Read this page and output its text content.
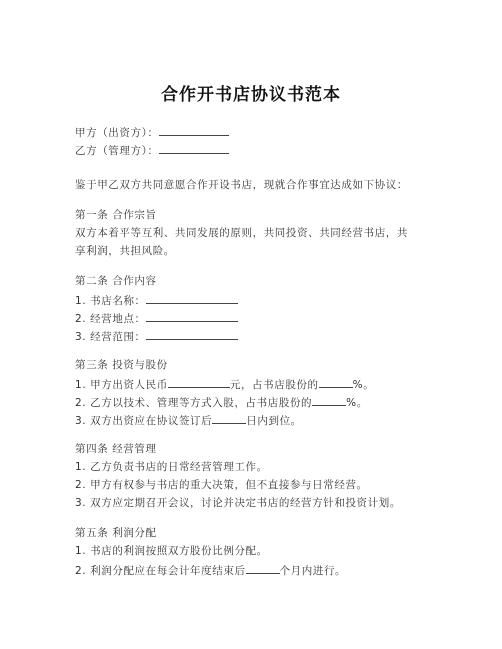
合作开书店协议书范本
甲方（出资方）：
乙方（管理方）：
鉴于甲乙双方共同意愿合作开设书店，现就合作事宜达成如下协议：
第一条 合作宗旨
双方本着平等互利、共同发展的原则，共同投资、共同经营书店，共
享利润，共担风险。
第二条 合作内容
1. 书店名称：
2. 经营地点：
3. 经营范围：
第三条 投资与股份
1. 甲方出资人民币	元，占书店股份的	%。
2. 乙方以技术、管理等方式入股，占书店股份的	%。
3. 双方出资应在协议签订后	日内到位。
第四条 经营管理
1. 乙方负责书店的日常经营管理工作。
2. 甲方有权参与书店的重大决策，但不直接参与日常经营。
3. 双方应定期召开会议，讨论并决定书店的经营方针和投资计划。
第五条 利润分配
1. 书店的利润按照双方股份比例分配。
2. 利润分配应在每会计年度结束后	个月内进行。
